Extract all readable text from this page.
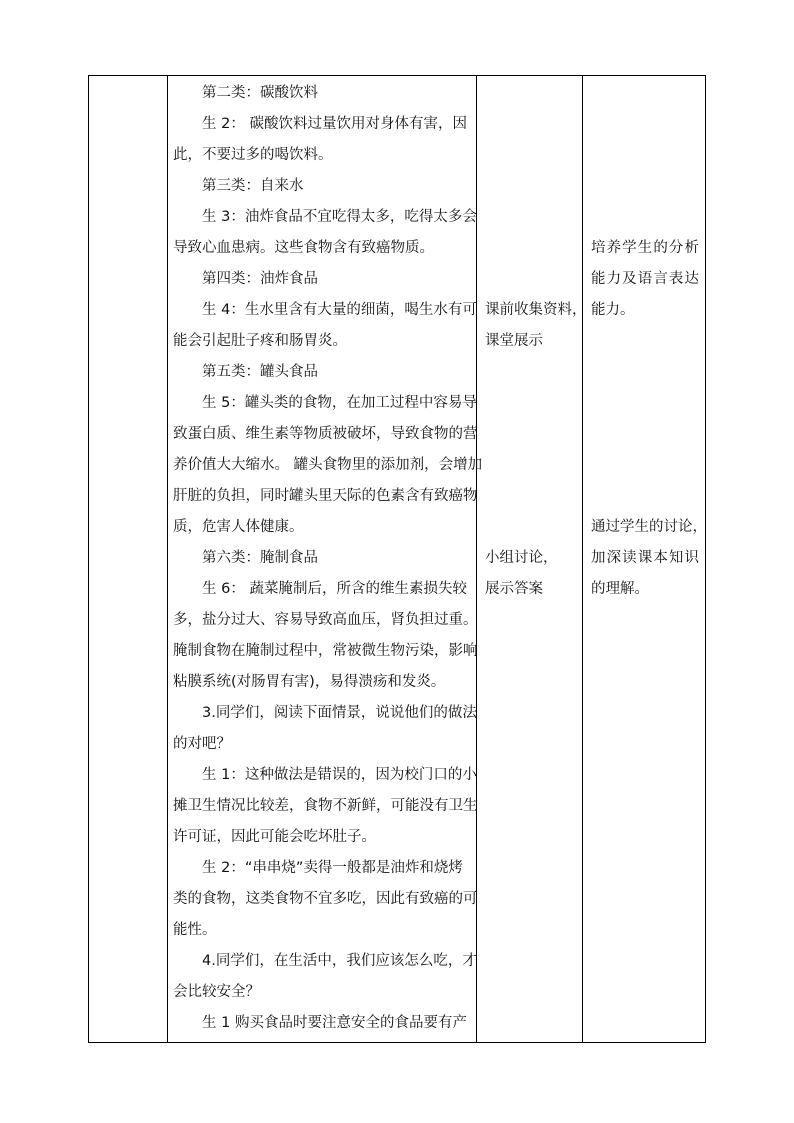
第二类：碳酸饮料
生 2： 碳酸饮料过量饮用对身体有害，因
此，不要过多的喝饮料。
第三类：自来水
生 3：油炸食品不宜吃得太多，吃得太多会
导致心血患病。这些食物含有致癌物质。
第四类：油炸食品
生 4：生水里含有大量的细菌，喝生水有可
能会引起肚子疼和肠胃炎。
第五类：罐头食品
生 5：罐头类的食物，在加工过程中容易导
致蛋白质、维生素等物质被破坏，导致食物的营
养价值大大缩水。 罐头食物里的添加剂，会增加
肝脏的负担，同时罐头里天际的色素含有致癌物
质，危害人体健康。
第六类：腌制食品
生 6： 蔬菜腌制后，所含的维生素损失较
多，盐分过大、容易导致高血压，肾负担过重。
腌制食物在腌制过程中，常被微生物污染，影响
粘膜系统(对肠胃有害)，易得溃疡和发炎。
3.同学们，阅读下面情景，说说他们的做法
的对吧？
生 1：这种做法是错误的，因为校门口的小
摊卫生情况比较差，食物不新鲜，可能没有卫生
许可证，因此可能会吃坏肚子。
生 2：“串串烧”卖得一般都是油炸和烧烤
类的食物，这类食物不宜多吃，因此有致癌的可
能性。
4.同学们，在生活中，我们应该怎么吃，才
会比较安全？
生 1 购买食品时要注意安全的食品要有产
课前收集资料，
课堂展示
小组讨论，
展示答案
培养学生的分析
能力及语言表达
能力。
通过学生的讨论，
加深读课本知识
的理解。
